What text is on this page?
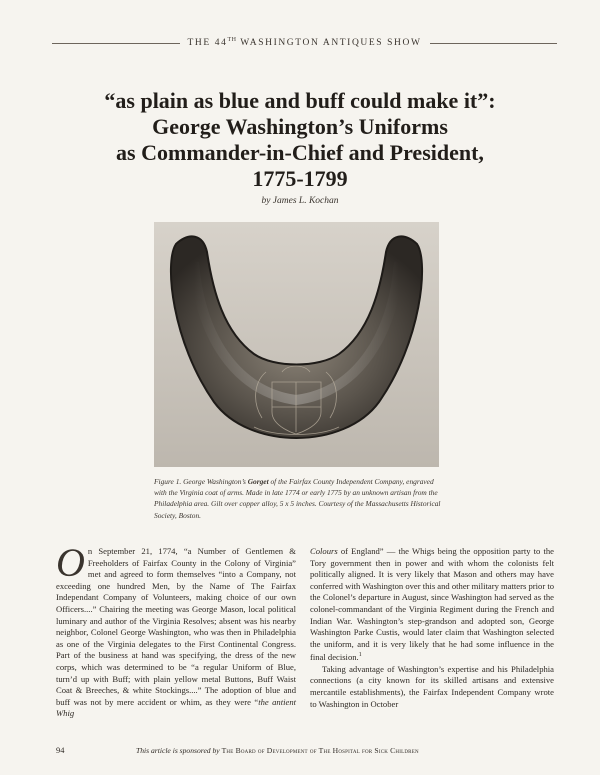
THE 44TH WASHINGTON ANTIQUES SHOW
“as plain as blue and buff could make it”:
George Washington’s Uniforms
as Commander-in-Chief and President,
1775-1799
by James L. Kochan
Figure 1. George Washington’s Gorget of the Fairfax County Independent Company, engraved with the Virginia coat of arms. Made in late 1774 or early 1775 by an unknown artisan from the Philadelphia area. Gilt over copper alloy, 5 x 5 inches. Courtesy of the Massachusetts Historical Society, Boston.

On September 21, 1774, “a Number of Gentlemen & Freeholders of Fairfax County in the Colony of Virginia” met and agreed to form themselves “into a Company, not exceeding one hundred Men, by the Name of The Fairfax Independant Company of Volunteers, making choice of our own Officers....” Chairing the meeting was George Mason, local political luminary and author of the Virginia Resolves; absent was his nearby neighbor, Colonel George Washington, who was then in Philadelphia as one of the Virginia delegates to the First Continental Congress. Part of the business at hand was specifying, the dress of the new corps, which was determined to be “a regular Uniform of Blue, turn’d up with Buff; with plain yellow metal Buttons, Buff Waist Coat & Breeches, & white Stockings....” The adoption of blue and buff was not by mere accident or whim, as they were “the antient Whig

Colours of England” — the Whigs being the opposition party to the Tory government then in power and with whom the colonists felt politically aligned. It is very likely that Mason and others may have conferred with Washington over this and other military matters prior to the Colonel’s departure in August, since Washington had served as the colonel-commandant of the Virginia Regiment during the French and Indian War. Washington’s step-grandson and adopted son, George Washington Parke Custis, would later claim that Washington selected the uniform, and it is very likely that he had some influence in the final decision.$^1$

Taking advantage of Washington’s expertise and his Philadelphia connections (a city known for its skilled artisans and extensive mercantile establishments), the Fairfax Independent Company wrote to Washington in October

94	This article is sponsored by The Board of Development of The Hospital for Sick Children
